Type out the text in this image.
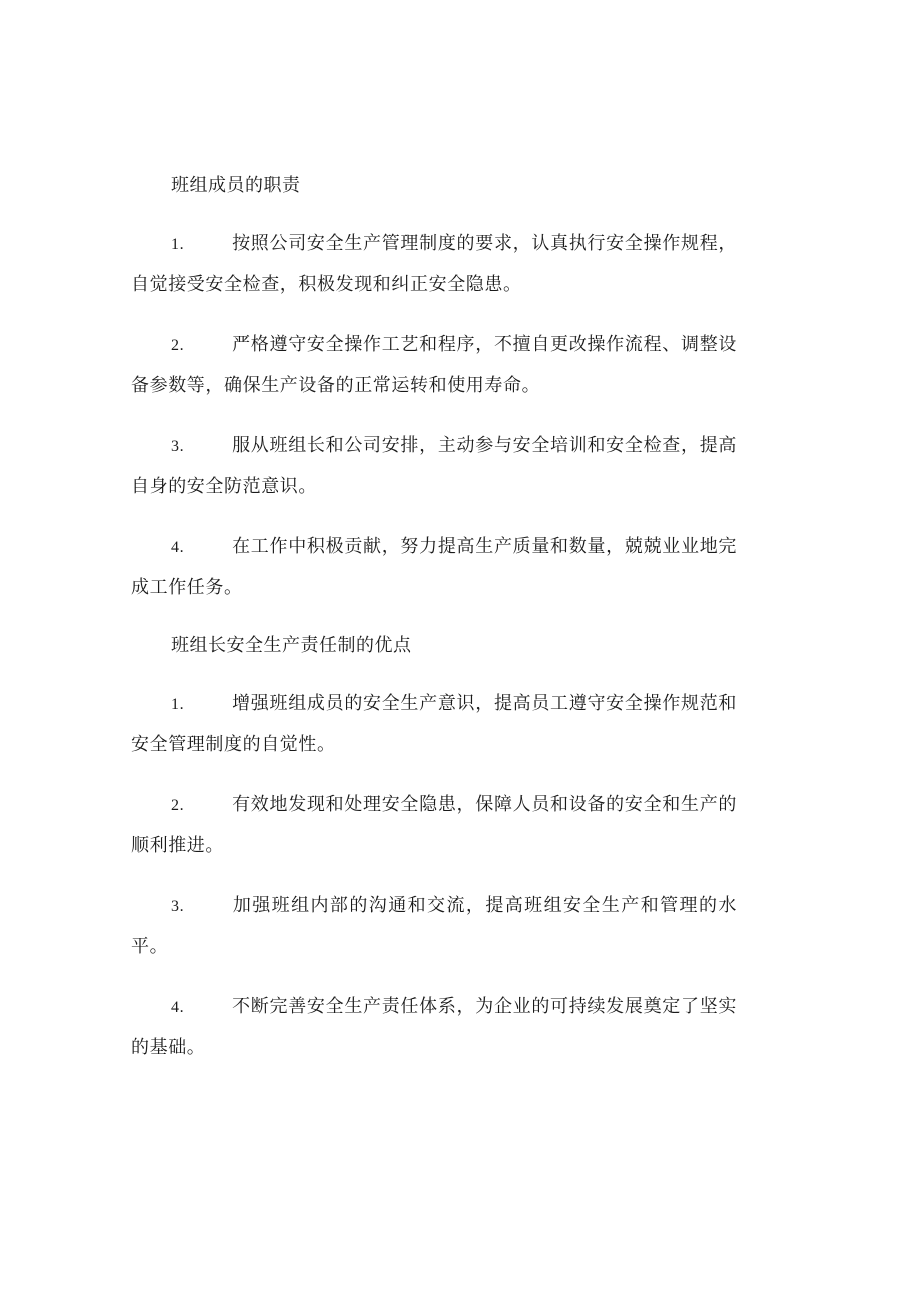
班组成员的职责

1.	按照公司安全生产管理制度的要求，认真执行安全操作规程，自觉接受安全检查，积极发现和纠正安全隐患。

2.	严格遵守安全操作工艺和程序，不擅自更改操作流程、调整设备参数等，确保生产设备的正常运转和使用寿命。

3.	服从班组长和公司安排，主动参与安全培训和安全检查，提高自身的安全防范意识。

4.	在工作中积极贡献，努力提高生产质量和数量，兢兢业业地完成工作任务。

班组长安全生产责任制的优点

1.	增强班组成员的安全生产意识，提高员工遵守安全操作规范和安全管理制度的自觉性。

2.	有效地发现和处理安全隐患，保障人员和设备的安全和生产的顺利推进。

3.	加强班组内部的沟通和交流，提高班组安全生产和管理的水平。

4.	不断完善安全生产责任体系，为企业的可持续发展奠定了坚实的基础。
